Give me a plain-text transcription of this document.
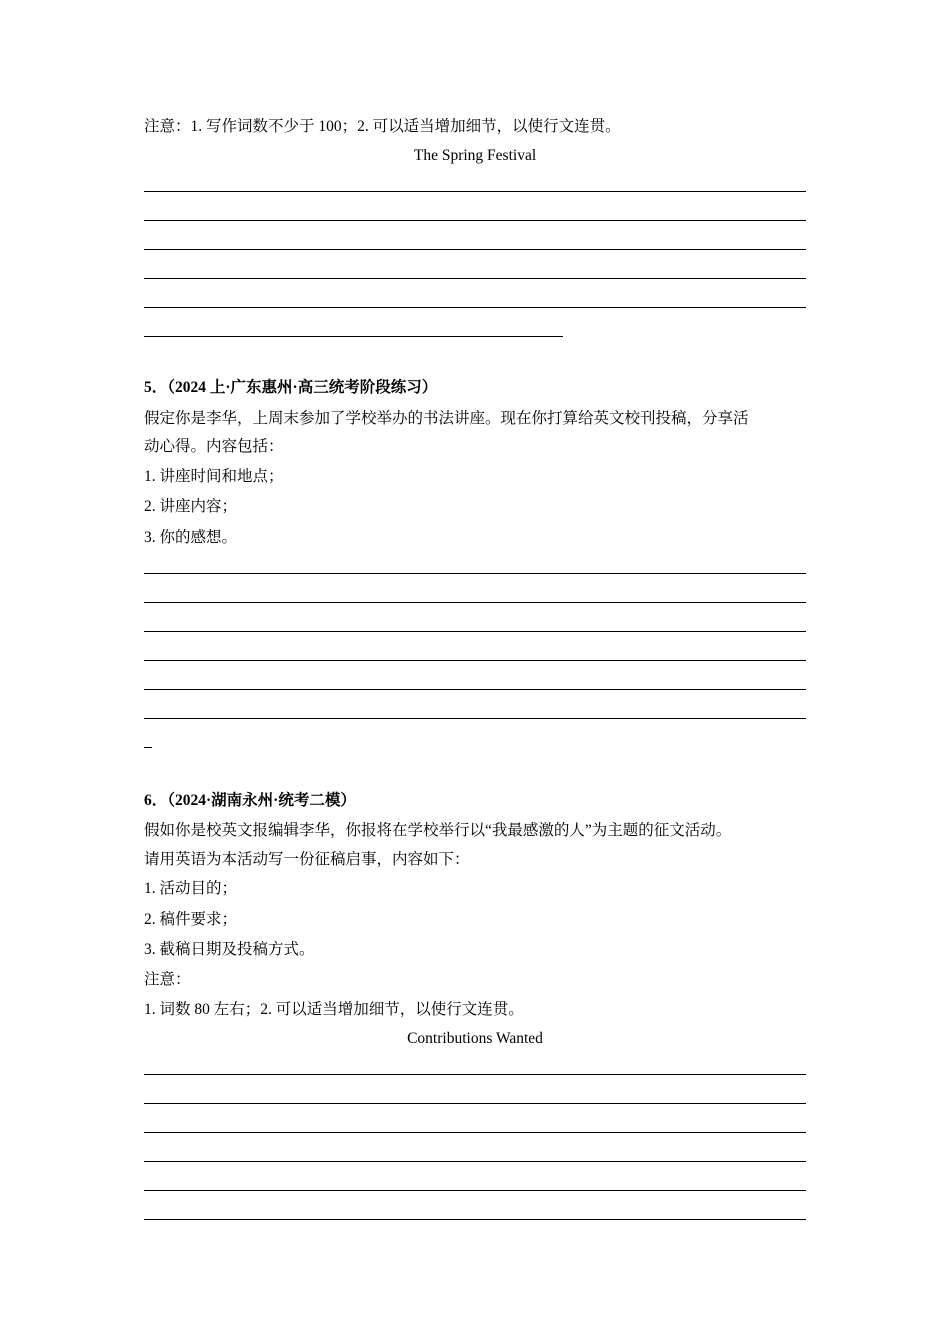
注意：1. 写作词数不少于 100；2. 可以适当增加细节，以使行文连贯。
The Spring Festival
5．（2024 上·广东惠州·高三统考阶段练习）
假定你是李华，上周末参加了学校举办的书法讲座。现在你打算给英文校刊投稿，分享活
动心得。内容包括：
1. 讲座时间和地点；
2. 讲座内容；
3. 你的感想。
6．（2024·湖南永州·统考二模）
假如你是校英文报编辑李华，你报将在学校举行以“我最感激的人”为主题的征文活动。
请用英语为本活动写一份征稿启事，内容如下：
1. 活动目的；
2. 稿件要求；
3. 截稿日期及投稿方式。
注意：
1. 词数 80 左右；2. 可以适当增加细节，以使行文连贯。
Contributions Wanted
